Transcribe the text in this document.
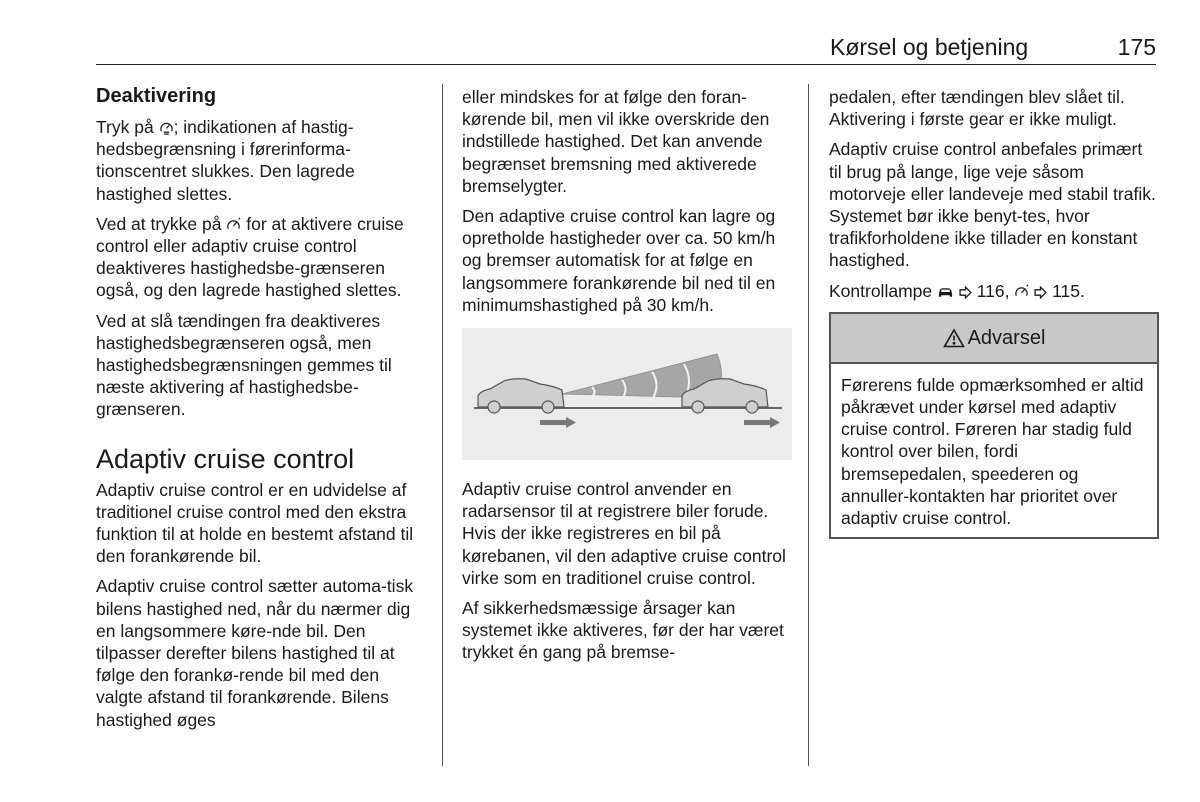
Kørsel og betjening	175
Deaktivering

Tryk på ; indikationen af hastig-hedsbegrænsning i førerinforma-tionscentret slukkes. Den lagrede hastighed slettes.

Ved at trykke på  for at aktivere cruise control eller adaptiv cruise control deaktiveres hastighedsbe-grænseren også, og den lagrede hastighed slettes.

Ved at slå tændingen fra deaktiveres hastighedsbegrænseren også, men hastighedsbegrænsningen gemmes til næste aktivering af hastighedsbe-grænseren.

Adaptiv cruise control

Adaptiv cruise control er en udvidelse af traditionel cruise control med den ekstra funktion til at holde en bestemt afstand til den forankørende bil.

Adaptiv cruise control sætter automa-tisk bilens hastighed ned, når du nærmer dig en langsommere køre-nde bil. Den tilpasser derefter bilens hastighed til at følge den forankø-rende bil med den valgte afstand til forankørende. Bilens hastighed øges

eller mindskes for at følge den foran-kørende bil, men vil ikke overskride den indstillede hastighed. Det kan anvende begrænset bremsning med aktiverede bremselygter.

Den adaptive cruise control kan lagre og opretholde hastigheder over ca. 50 km/h og bremser automatisk for at følge en langsommere forankørende bil ned til en minimumshastighed på 30 km/h.

Adaptiv cruise control anvender en radarsensor til at registrere biler forude. Hvis der ikke registreres en bil på kørebanen, vil den adaptive cruise control virke som en traditionel cruise control.

Af sikkerhedsmæssige årsager kan systemet ikke aktiveres, før der har været trykket én gang på bremse-

pedalen, efter tændingen blev slået til. Aktivering i første gear er ikke muligt.

Adaptiv cruise control anbefales primært til brug på lange, lige veje såsom motorveje eller landeveje med stabil trafik. Systemet bør ikke benyt-tes, hvor trafikforholdene ikke tillader en konstant hastighed.

Kontrollampe   116,   115.

Advarsel
Førerens fulde opmærksomhed er altid påkrævet under kørsel med adaptiv cruise control. Føreren har stadig fuld kontrol over bilen, fordi bremsepedalen, speederen og annuller-kontakten har prioritet over adaptiv cruise control.
